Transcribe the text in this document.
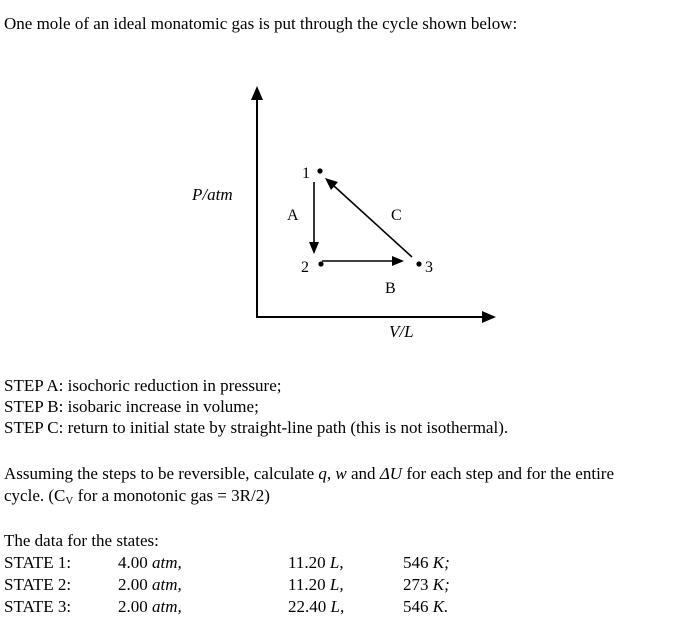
One mole of an ideal monatomic gas is put through the cycle shown below:
P/atm
V/L
1
2	3
A
B
C
STEP A: isochoric reduction in pressure;
STEP B: isobaric increase in volume;
STEP C: return to initial state by straight-line path (this is not isothermal).
Assuming the steps to be reversible, calculate q, w and ΔU for each step and for the entire
cycle. (CV for a monotonic gas = 3R/2)
The data for the states:
STATE 1:	4.00 atm,	11.20 L,	546 K;
STATE 2:	2.00 atm,	11.20 L,	273 K;
STATE 3:	2.00 atm,	22.40 L,	546 K.
